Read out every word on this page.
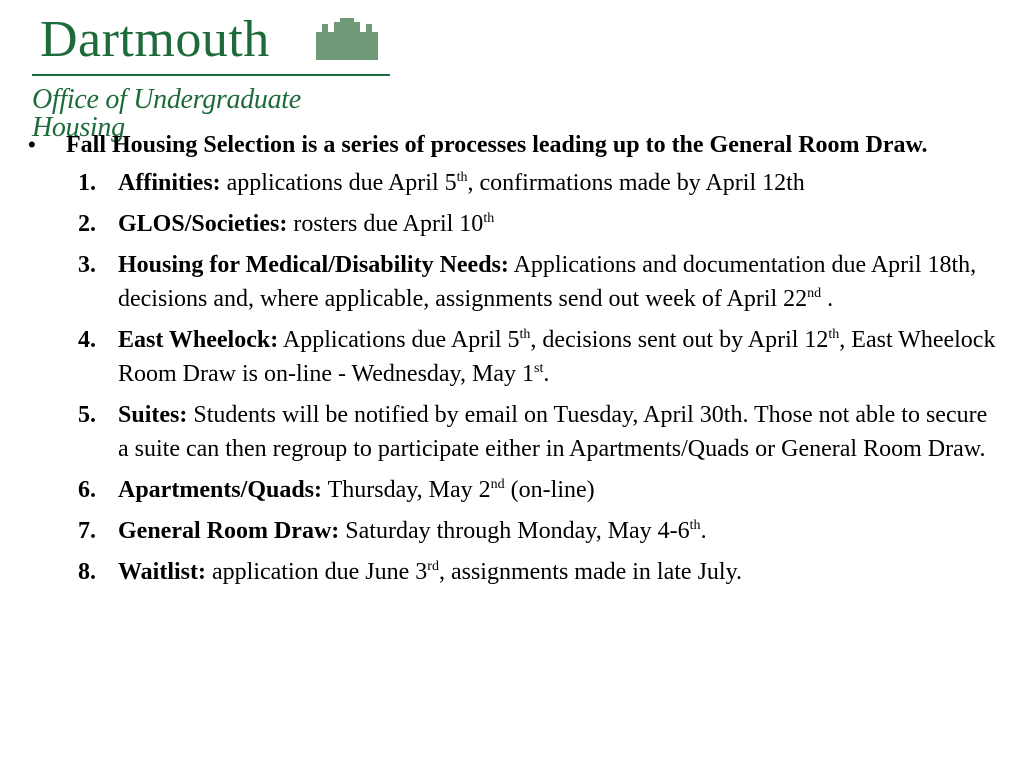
Dartmouth
Office of Undergraduate Housing
•	Fall Housing Selection is a series of processes leading up to the General Room Draw.
1. Affinities: applications due April 5th, confirmations made by April 12th
2. GLOS/Societies: rosters due April 10th
3. Housing for Medical/Disability Needs: Applications and documentation due April 18th, decisions and, where applicable, assignments send out week of April 22nd .
4. East Wheelock: Applications due April 5th, decisions sent out by April 12th, East Wheelock Room Draw is on-line - Wednesday, May 1st.
5. Suites: Students will be notified by email on Tuesday, April 30th. Those not able to secure a suite can then regroup to participate either in Apartments/Quads or General Room Draw.
6. Apartments/Quads: Thursday, May 2nd (on-line)
7. General Room Draw: Saturday through Monday, May 4-6th.
8. Waitlist: application due June 3rd, assignments made in late July.
